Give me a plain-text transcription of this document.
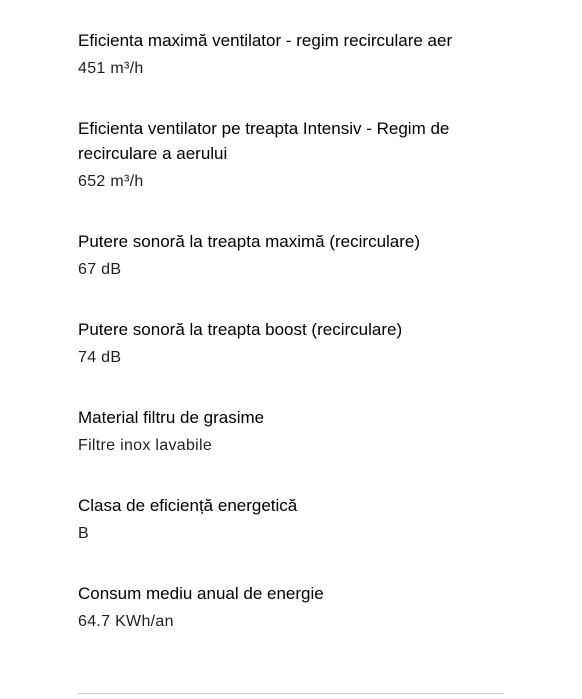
Eficienta maximă ventilator - regim recirculare aer
451 m³/h
Eficienta ventilator pe treapta Intensiv - Regim de recirculare a aerului
652 m³/h
Putere sonoră la treapta maximă (recirculare)
67 dB
Putere sonoră la treapta boost (recirculare)
74 dB
Material filtru de grasime
Filtre inox lavabile
Clasa de eficiență energetică
B
Consum mediu anual de energie
64.7 KWh/an
